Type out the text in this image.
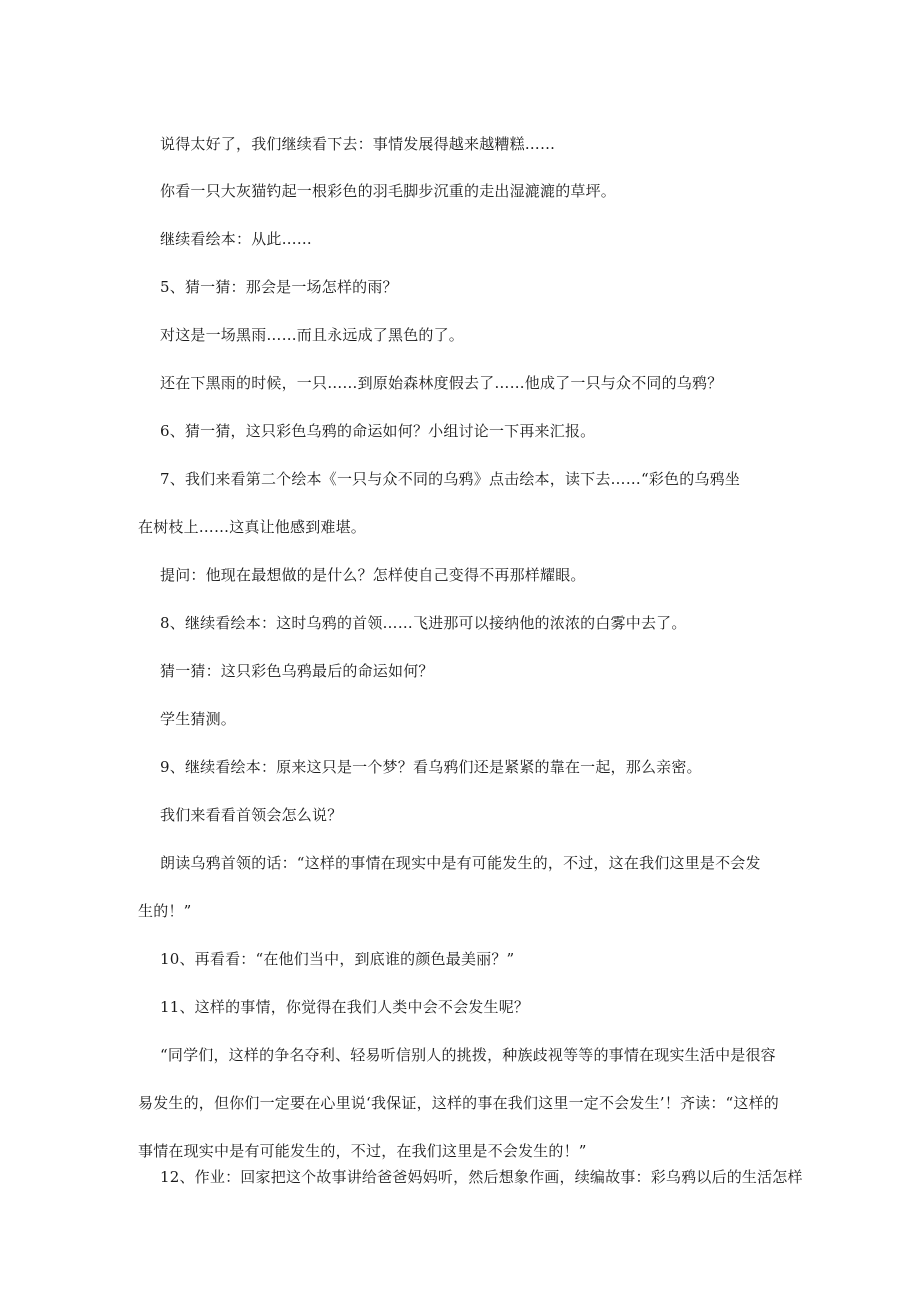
说得太好了，我们继续看下去：事情发展得越来越糟糕……
你看一只大灰猫钓起一根彩色的羽毛脚步沉重的走出湿漉漉的草坪。
继续看绘本：从此……
5、猜一猜：那会是一场怎样的雨？
对这是一场黑雨……而且永远成了黑色的了。
还在下黑雨的时候，一只……到原始森林度假去了……他成了一只与众不同的乌鸦？
6、猜一猜，这只彩色乌鸦的命运如何？小组讨论一下再来汇报。
7、我们来看第二个绘本《一只与众不同的乌鸦》点击绘本，读下去……“彩色的乌鸦坐
在树枝上……这真让他感到难堪。
提问：他现在最想做的是什么？怎样使自己变得不再那样耀眼。
8、继续看绘本：这时乌鸦的首领……飞进那可以接纳他的浓浓的白雾中去了。
猜一猜：这只彩色乌鸦最后的命运如何？
学生猜测。
9、继续看绘本：原来这只是一个梦？看乌鸦们还是紧紧的靠在一起，那么亲密。
我们来看看首领会怎么说？
朗读乌鸦首领的话：“这样的事情在现实中是有可能发生的，不过，这在我们这里是不会发
生的！”
10、再看看：“在他们当中，到底谁的颜色最美丽？”
11、这样的事情，你觉得在我们人类中会不会发生呢？
“同学们，这样的争名夺利、轻易听信别人的挑拨，种族歧视等等的事情在现实生活中是很容
易发生的，但你们一定要在心里说‘我保证，这样的事在我们这里一定不会发生’！齐读：“这样的
事情在现实中是有可能发生的，不过，在我们这里是不会发生的！”
12、作业：回家把这个故事讲给爸爸妈妈听，然后想象作画，续编故事：彩乌鸦以后的生活怎样
